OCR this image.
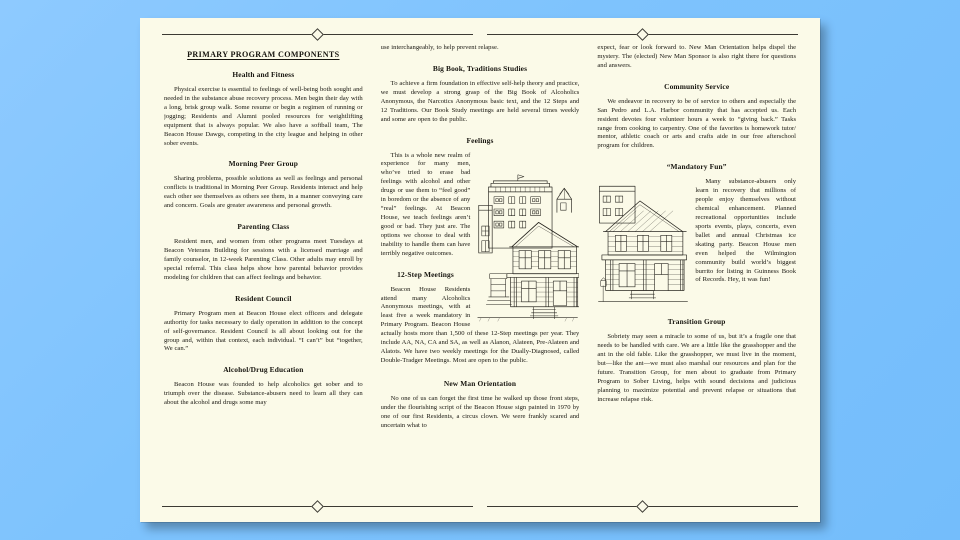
PRIMARY PROGRAM COMPONENTS
Health and Fitness

Physical exercise is essential to feelings of well-being both sought and needed in the substance abuse recovery process. Men begin their day with a long, brisk group walk. Some resume or begin a regimen of running or jogging; Residents and Alumni pooled resources for weightlifting equipment that is always popular. We also have a softball team, The Beacon House Dawgs, competing in the city league and helping in other sober events.

Morning Peer Group

Sharing problems, possible solutions as well as feelings and personal conflicts is traditional in Morning Peer Group. Residents interact and help each other see themselves as others see them, in a manner conveying care and concern. Goals are greater awareness and personal growth.

Parenting Class

Resident men, and women from other programs meet Tuesdays at Beacon Veterans Building for sessions with a licensed marriage and family counselor, in 12-week Parenting Class. Other adults may enroll by special referral. This class helps show how parental behavior provides modeling for children that can affect feelings and behavior.

Resident Council

Primary Program men at Beacon House elect officers and delegate authority for tasks necessary to daily operation in addition to the concept of self-governance. Resident Council is all about looking out for the group and, within that context, each individual. “I can’t” but “together, We can.”

Alcohol/Drug Education

Beacon House was founded to help alcoholics get sober and to triumph over the disease. Substance-abusers need to learn all they can about the alcohol and drugs some may

use interchangeably, to help prevent relapse.

Big Book, Traditions Studies

To achieve a firm foundation in effective self-help theory and practice, we must develop a strong grasp of the Big Book of Alcoholics Anonymous, the Narcotics Anonymous basic text, and the 12 Steps and 12 Traditions. Our Book Study meetings are held several times weekly and some are open to the public.

Feelings

This is a whole new realm of experience for many men, who’ve tried to erase bad feelings with alcohol and other drugs or use them to “feel good” in boredom or the absence of any “real” feelings. At Beacon House, we teach feelings aren’t good or bad. They just are. The options we choose to deal with inability to handle them can have terribly negative outcomes.

12-Step Meetings

Beacon House Residents attend many Alcoholics Anonymous meetings, with at least five a week mandatory in Primary Program. Beacon House actually hosts more than 1,500 of these 12-Step meetings per year. They include AA, NA, CA and SA, as well as Alanon, Alateen, Pre-Alateen and Alatots. We have two weekly meetings for the Dually-Diagnosed, called Double-Tradger Meetings. Most are open to the public.

New Man Orientation

No one of us can forget the first time he walked up those front steps, under the flourishing script of the Beacon House sign painted in 1970 by one of our first Residents, a circus clown. We were frankly scared and uncertain what to

expect, fear or look forward to. New Man Orientation helps dispel the mystery. The (elected) New Man Sponsor is also right there for questions and answers.

Community Service

We endeavor in recovery to be of service to others and especially the San Pedro and L.A. Harbor community that has accepted us. Each resident devotes four volunteer hours a week to “giving back.” Tasks range from cooking to carpentry. One of the favorites is homework tutor/ mentor, athletic coach or arts and crafts aide in our free afterschool program for children.

“Mandatory Fun”

Many substance-abusers only learn in recovery that millions of people enjoy themselves without chemical enhancement. Planned recreational opportunities include sports events, plays, concerts, even ballet and annual Christmas ice skating party. Beacon House men even helped the Wilmington community build world’s biggest burrito for listing in Guinness Book of Records. Hey, it was fun!

Transition Group

Sobriety may seen a miracle to some of us, but it’s a fragile one that needs to be handled with care. We are a little like the grasshopper and the ant in the old fable. Like the grasshopper, we must live in the moment, but—like the ant—we must also marshal our resources and plan for the future. Transition Group, for men about to graduate from Primary Program to Sober Living, helps with sound decisions and judicious planning to maximize potential and prevent relapse or situations that increase relapse risk.
